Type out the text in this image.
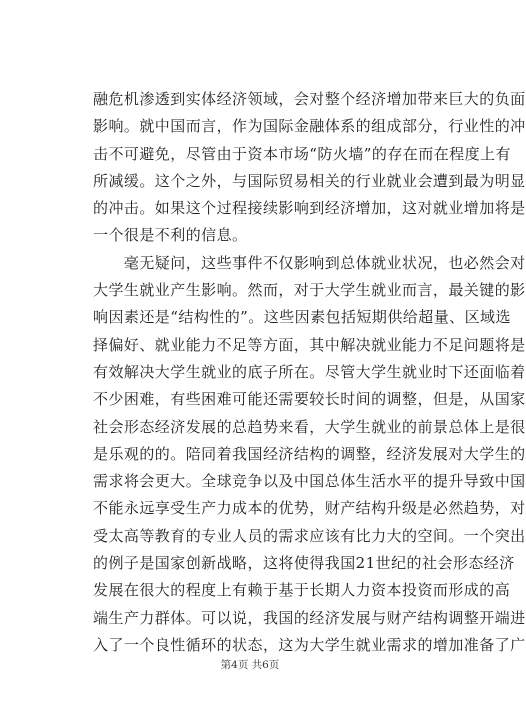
融危机渗透到实体经济领域，会对整个经济增加带来巨大的负面
影响。就中国而言，作为国际金融体系的组成部分，行业性的冲
击不可避免，尽管由于资本市场“防火墙”的存在而在程度上有
所减缓。这个之外，与国际贸易相关的行业就业会遭到最为明显
的冲击。如果这个过程接续影响到经济增加，这对就业增加将是
一个很是不利的信息。
　　毫无疑问，这些事件不仅影响到总体就业状况，也必然会对
大学生就业产生影响。然而，对于大学生就业而言，最关键的影
响因素还是“结构性的”。这些因素包括短期供给超量、区域选
择偏好、就业能力不足等方面，其中解决就业能力不足问题将是
有效解决大学生就业的底子所在。尽管大学生就业时下还面临着
不少困难，有些困难可能还需要较长时间的调整，但是，从国家
社会形态经济发展的总趋势来看，大学生就业的前景总体上是很
是乐观的的。陪同着我国经济结构的调整，经济发展对大学生的
需求将会更大。全球竞争以及中国总体生活水平的提升导致中国
不能永远享受生产力成本的优势，财产结构升级是必然趋势，对
受太高等教育的专业人员的需求应该有比力大的空间。一个突出
的例子是国家创新战略，这将使得我国21世纪的社会形态经济
发展在很大的程度上有赖于基于长期人力资本投资而形成的高
端生产力群体。可以说，我国的经济发展与财产结构调整开端进
入了一个良性循环的状态，这为大学生就业需求的增加准备了广
第4页 共6页
